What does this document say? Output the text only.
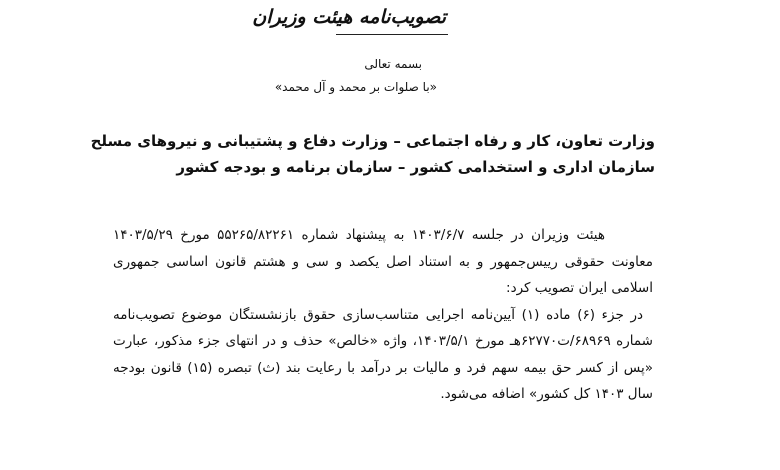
تصویب‌نامه هیئت وزیران
بسمه تعالی
«با صلوات بر محمد و آل محمد»
وزارت تعاون، کار و رفاه اجتماعی – وزارت دفاع و پشتیبانی و نیروهای مسلح
سازمان اداری و استخدامی کشور – سازمان برنامه و بودجه کشور

هیئت وزیران در جلسه ۱۴۰۳/۶/۷ به پیشنهاد شماره ۵۵۲۶۵/۸۲۲۶۱ مورخ ۱۴۰۳/۵/۲۹ معاونت حقوقی رییس‌جمهور و به استناد اصل یکصد و سی و هشتم قانون اساسی جمهوری اسلامی ایران تصویب کرد:

در جزء (۶) ماده (۱) آیین‌نامه اجرایی متناسب‌سازی حقوق بازنشستگان موضوع تصویب‌نامه شماره ۶۸۹۶۹/ت۶۲۷۷۰هـ مورخ ۱۴۰۳/۵/۱، واژه «خالص» حذف و در انتهای جزء مذکور، عبارت «پس از کسر حق بیمه سهم فرد و مالیات بر درآمد با رعایت بند (ث) تبصره (۱۵) قانون بودجه سال ۱۴۰۳ کل کشور» اضافه می‌شود.
